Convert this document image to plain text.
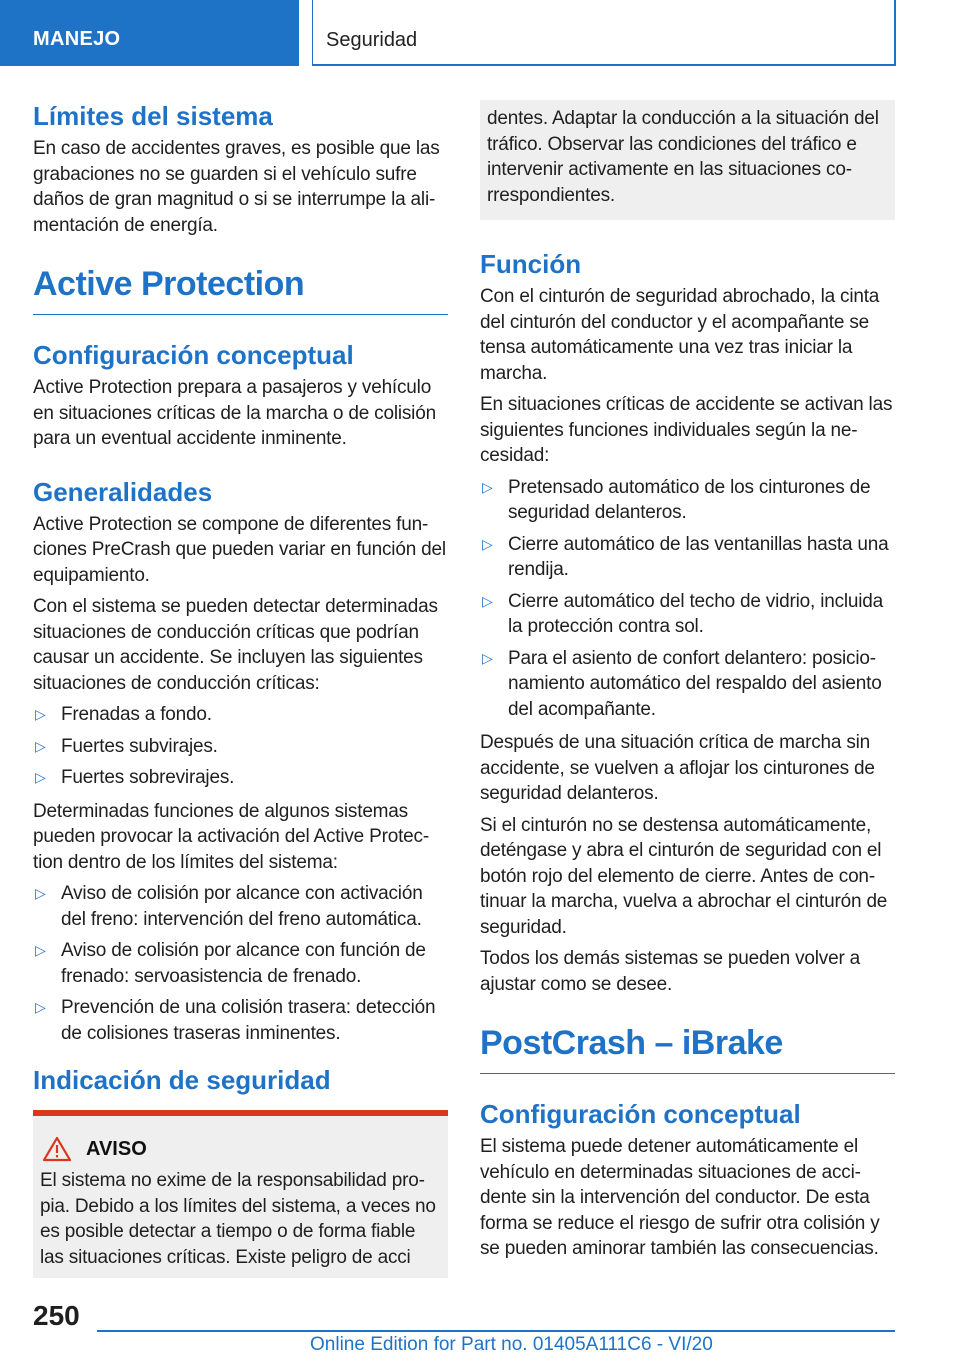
MANEJO	Seguridad
Límites del sistema

En caso de accidentes graves, es posible que las grabaciones no se guarden si el vehículo sufre daños de gran magnitud o si se interrumpe la alimentación de energía.

Active Protection
Configuración conceptual

Active Protection prepara a pasajeros y vehículo en situaciones críticas de la marcha o de colisión para un eventual accidente inminente.

Generalidades

Active Protection se compone de diferentes funciones PreCrash que pueden variar en función del equipamiento.

Con el sistema se pueden detectar determinadas situaciones de conducción críticas que podrían causar un accidente. Se incluyen las siguientes situaciones de conducción críticas:

▷ Frenadas a fondo.
▷ Fuertes subvirajes.
▷ Fuertes sobrevirajes.

Determinadas funciones de algunos sistemas pueden provocar la activación del Active Protection dentro de los límites del sistema:

▷ Aviso de colisión por alcance con activación del freno: intervención del freno automática.
▷ Aviso de colisión por alcance con función de frenado: servoasistencia de frenado.
▷ Prevención de una colisión trasera: detección de colisiones traseras inminentes.
Indicación de seguridad
AVISO

El sistema no exime de la responsabilidad propia. Debido a los límites del sistema, a veces no es posible detectar a tiempo o de forma fiable las situaciones críticas. Existe peligro de acci

dentes. Adaptar la conducción a la situación del tráfico. Observar las condiciones del tráfico e intervenir activamente en las situaciones correspondientes.

Función

Con el cinturón de seguridad abrochado, la cinta del cinturón del conductor y el acompañante se tensa automáticamente una vez tras iniciar la marcha.

En situaciones críticas de accidente se activan las siguientes funciones individuales según la necesidad:

▷ Pretensado automático de los cinturones de seguridad delanteros.
▷ Cierre automático de las ventanillas hasta una rendija.
▷ Cierre automático del techo de vidrio, incluida la protección contra sol.
▷ Para el asiento de confort delantero: posicionamiento automático del respaldo del asiento del acompañante.

Después de una situación crítica de marcha sin accidente, se vuelven a aflojar los cinturones de seguridad delanteros.

Si el cinturón no se destensa automáticamente, deténgase y abra el cinturón de seguridad con el botón rojo del elemento de cierre. Antes de continuar la marcha, vuelva a abrochar el cinturón de seguridad.

Todos los demás sistemas se pueden volver a ajustar como se desee.

PostCrash – iBrake
Configuración conceptual

El sistema puede detener automáticamente el vehículo en determinadas situaciones de accidente sin la intervención del conductor. De esta forma se reduce el riesgo de sufrir otra colisión y se pueden aminorar también las consecuencias.

250
Online Edition for Part no. 01405A111C6 - VI/20
